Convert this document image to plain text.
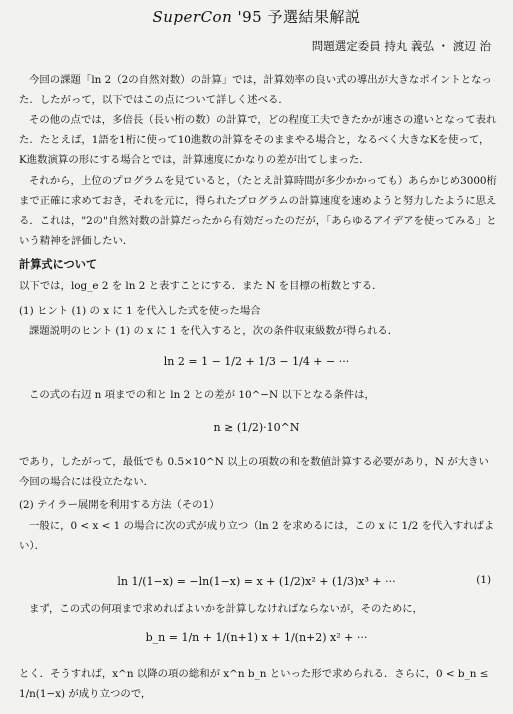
SuperCon '95 予選結果解説
問題選定委員 持丸 義弘 ・ 渡辺 治
今回の課題「ln 2（2の自然対数）の計算」では，計算効率の良い式の導出が大きなポイントとなった．したがって，以下ではこの点について詳しく述べる．
その他の点では，多倍長（長い桁の数）の計算で，どの程度工夫できたかが速さの違いとなって表れた．たとえば，1語を1桁に使って10進数の計算をそのままやる場合と，なるべく大きなKを使って，K進数演算の形にする場合とでは，計算速度にかなりの差が出てしまった．
それから，上位のプログラムを見ていると，（たとえ計算時間が多少かかっても）あらかじめ3000桁まで正確に求めておき，それを元に，得られたプログラムの計算速度を速めようと努力したように思える．これは，"2の"自然対数の計算だったから有効だったのだが，「あらゆるアイデアを使ってみる」という精神を評価したい．
計算式について
以下では，log_e 2 を ln 2 と表すことにする．また N を目標の桁数とする．
(1) ヒント (1) の x に 1 を代入した式を使った場合
課題説明のヒント (1) の x に 1 を代入すると，次の条件収束級数が得られる．
ln 2 = 1 − 1/2 + 1/3 − 1/4 + − ···
この式の右辺 n 項までの和と ln 2 との差が 10^−N 以下となる条件は，
n ≳ (1/2)·10^N
であり，したがって，最低でも 0.5×10^N 以上の項数の和を数値計算する必要があり，N が大きい今回の場合には役立たない．
(2) テイラー展開を利用する方法（その1）
一般に，0 < x < 1 の場合に次の式が成り立つ（ln 2 を求めるには，この x に 1/2 を代入すればよい）．
ln 1/(1−x) = −ln(1−x) = x + (1/2)x² + (1/3)x³ + ···	(1)
まず，この式の何項まで求めればよいかを計算しなければならないが，そのために，
b_n = 1/n + 1/(n+1) x + 1/(n+2) x² + ···
とく．そうすれば，x^n 以降の項の総和が x^n b_n といった形で求められる．さらに，0 < b_n ≤ 1/n(1−x) が成り立つので，
